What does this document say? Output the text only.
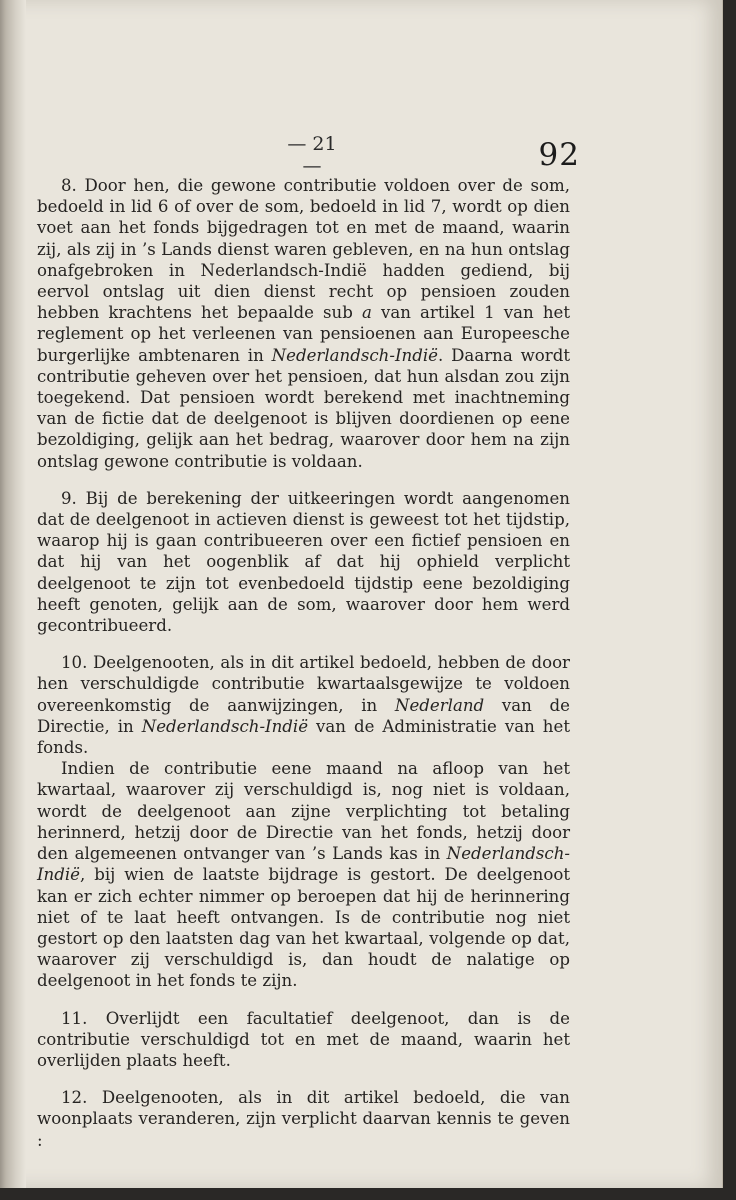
— 21 —	92

8. Door hen, die gewone contributie voldoen over de som, bedoeld in lid 6 of over de som, bedoeld in lid 7, wordt op dien voet aan het fonds bijgedragen tot en met de maand, waarin zij, als zij in ’s Lands dienst waren gebleven, en na hun ontslag onafgebroken in Nederlandsch-Indië hadden gediend, bij eervol ontslag uit dien dienst recht op pensioen zouden hebben krachtens het bepaalde sub a van artikel 1 van het reglement op het verleenen van pensioenen aan Europeesche burgerlijke ambtenaren in Nederlandsch-Indië. Daarna wordt contributie geheven over het pensioen, dat hun alsdan zou zijn toegekend. Dat pensioen wordt berekend met inachtneming van de fictie dat de deelgenoot is blijven doordienen op eene bezoldiging, gelijk aan het bedrag, waarover door hem na zijn ontslag gewone contributie is voldaan.

9. Bij de berekening der uitkeeringen wordt aangenomen dat de deelgenoot in actieven dienst is geweest tot het tijdstip, waarop hij is gaan contribueeren over een fictief pensioen en dat hij van het oogenblik af dat hij ophield verplicht deelgenoot te zijn tot evenbedoeld tijdstip eene bezoldiging heeft genoten, gelijk aan de som, waarover door hem werd gecontribueerd.

10. Deelgenooten, als in dit artikel bedoeld, hebben de door hen verschuldigde contributie kwartaalsgewijze te voldoen overeenkomstig de aanwijzingen, in Nederland van de Directie, in Nederlandsch-Indië van de Administratie van het fonds.

Indien de contributie eene maand na afloop van het kwartaal, waarover zij verschuldigd is, nog niet is voldaan, wordt de deelgenoot aan zijne verplichting tot betaling herinnerd, hetzij door de Directie van het fonds, hetzij door den algemeenen ontvanger van ’s Lands kas in Nederlandsch-Indië, bij wien de laatste bijdrage is gestort. De deelgenoot kan er zich echter nimmer op beroepen dat hij de herinnering niet of te laat heeft ontvangen. Is de contributie nog niet gestort op den laatsten dag van het kwartaal, volgende op dat, waarover zij verschuldigd is, dan houdt de nalatige op deelgenoot in het fonds te zijn.

11. Overlijdt een facultatief deelgenoot, dan is de contributie verschuldigd tot en met de maand, waarin het overlijden plaats heeft.

12. Deelgenooten, als in dit artikel bedoeld, die van woonplaats veranderen, zijn verplicht daarvan kennis te geven :
